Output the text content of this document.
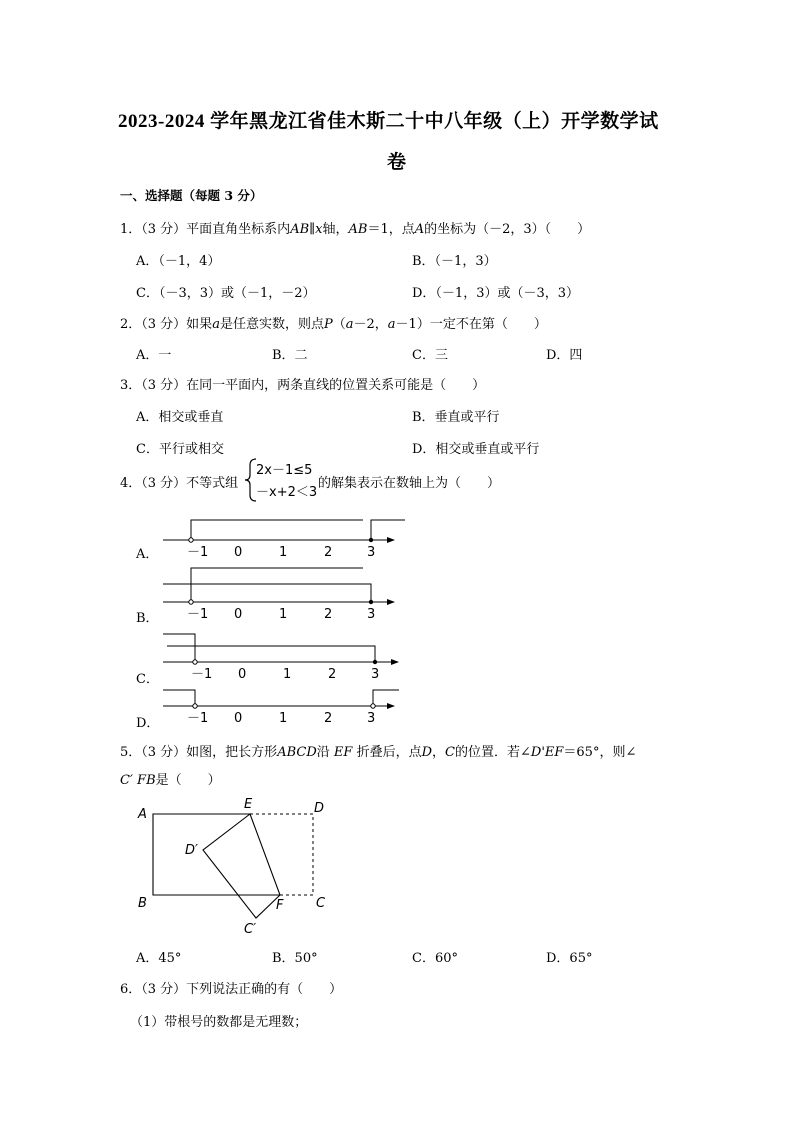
2023-2024 学年黑龙江省佳木斯二十中八年级（上）开学数学试
卷
一、选择题（每题 3 分）
1．（3 分）平面直角坐标系内AB∥x轴，AB＝1，点A的坐标为（－2，3）（　　）
A．（－1，4）	B．（－1，3）
C．（－3，3）或（－1，－2）	D．（－1，3）或（－3，3）
2．（3 分）如果a是任意实数，则点P（a－2，a－1）一定不在第（　　）
A．一	B．二	C．三	D．四
3．（3 分）在同一平面内，两条直线的位置关系可能是（　　）
A．相交或垂直	B．垂直或平行
C．平行或相交	D．相交或垂直或平行
4．（3 分）不等式组
2x－1≤5
－x+2＜3
的解集表示在数轴上为（　　）
A．
B．
C．
D．
－1 0	1	2	3
－1 0	1	2	3
－1 0	1	2	3
－1 0	1	2	3
5．（3 分）如图，把长方形ABCD沿 EF 折叠后，点D，C的位置．若∠D'EF＝65°，则∠
C′ FB是（　　）
A
E	D
D′
B	F	C
C′
A．45°	B．50°	C．60°	D．65°
6．（3 分）下列说法正确的有（　　）
（1）带根号的数都是无理数；
